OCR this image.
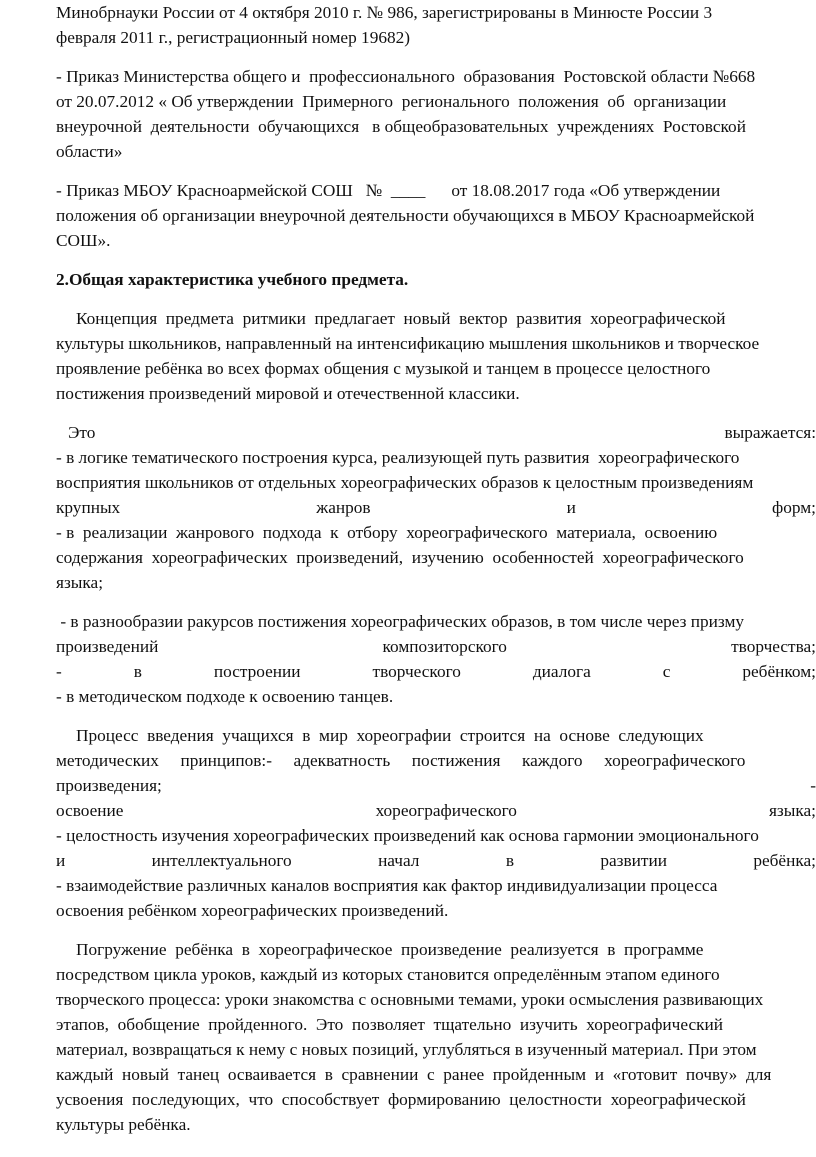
Минобрнауки России от 4 октября 2010 г. № 986, зарегистрированы в Минюсте России 3
февраля 2011 г., регистрационный номер 19682)
- Приказ Министерства общего и  профессионального  образования  Ростовской области №668
от 20.07.2012 « Об утверждении  Примерного  регионального  положения  об  организации
внеурочной  деятельности  обучающихся   в общеобразовательных  учреждениях  Ростовской
области»
- Приказ МБОУ Красноармейской СОШ   №  ____      от 18.08.2017 года «Об утверждении
положения об организации внеурочной деятельности обучающихся в МБОУ Красноармейской
СОШ».
2.Общая характеристика учебного предмета.
Концепция  предмета  ритмики  предлагает  новый  вектор  развития  хореографической
культуры школьников, направленный на интенсификацию мышления школьников и творческое
проявление ребёнка во всех формах общения с музыкой и танцем в процессе целостного
постижения произведений мировой и отечественной классики.
Это	выражается:
- в логике тематического построения курса, реализующей путь развития  хореографического
восприятия школьников от отдельных хореографических образов к целостным произведениям
крупных	жанров	и	форм;
- в  реализации  жанрового  подхода  к  отбору  хореографического  материала,  освоению
содержания  хореографических  произведений,  изучению  особенностей  хореографического
языка;
- в разнообразии ракурсов постижения хореографических образов, в том числе через призму
произведений	композиторского	творчества;
-	в	построении	творческого	диалога	с	ребёнком;
- в методическом подходе к освоению танцев.
Процесс  введения  учащихся  в  мир  хореографии  строится  на  основе  следующих
методических     принципов:-     адекватность     постижения     каждого     хореографического
произведения;	-
освоение	хореографического	языка;
- целостность изучения хореографических произведений как основа гармонии эмоционального
и	интеллектуального	начал	в	развитии	ребёнка;
- взаимодействие различных каналов восприятия как фактор индивидуализации процесса
освоения ребёнком хореографических произведений.
Погружение  ребёнка  в  хореографическое  произведение  реализуется  в  программе
посредством цикла уроков, каждый из которых становится определённым этапом единого
творческого процесса: уроки знакомства с основными темами, уроки осмысления развивающих
этапов,  обобщение  пройденного.  Это  позволяет  тщательно  изучить  хореографический
материал, возвращаться к нему с новых позиций, углубляться в изученный материал. При этом
каждый  новый  танец  осваивается  в  сравнении  с  ранее  пройденным  и  «готовит  почву»  для
усвоения  последующих,  что  способствует  формированию  целостности  хореографической
культуры ребёнка.
